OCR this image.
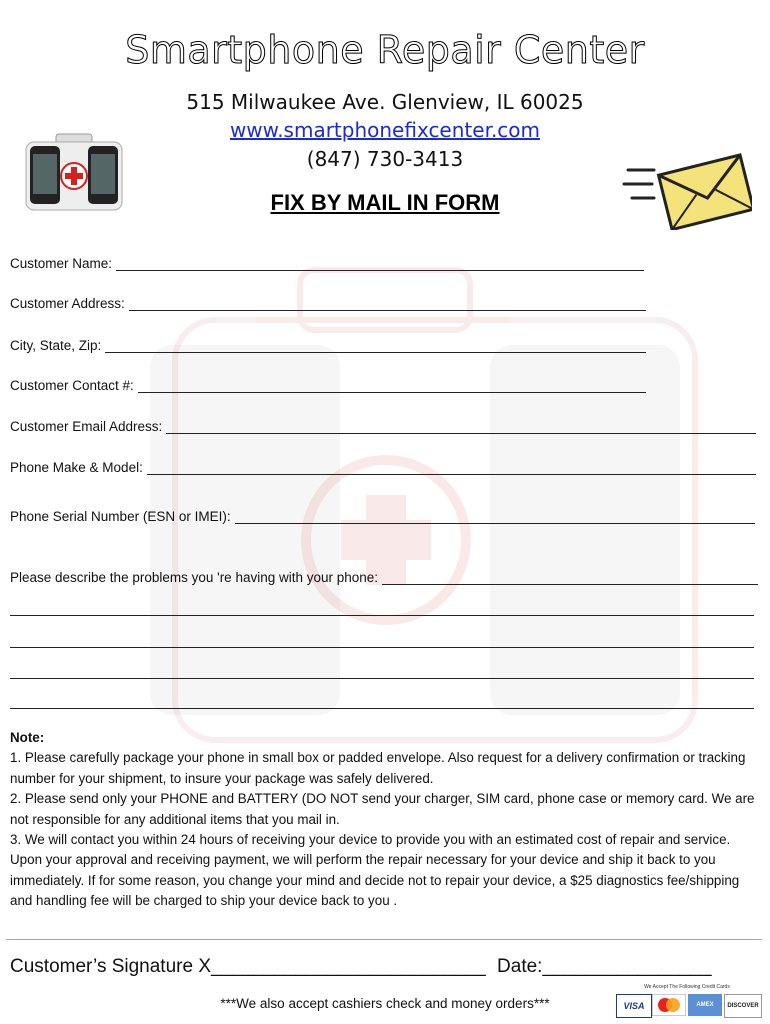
Smartphone Repair Center
515 Milwaukee Ave. Glenview, IL 60025
www.smartphonefixcenter.com
(847) 730-3413
FIX BY MAIL IN FORM
Customer Name:
Customer Address:
City, State, Zip:
Customer Contact #:
Customer Email Address:
Phone Make & Model:
Phone Serial Number (ESN or IMEI):
Please describe the problems you 're having with your phone:
Note:
1. Please carefully package your phone in small box or padded envelope. Also request for a delivery confirmation or tracking number for your shipment, to insure your package was safely delivered.
2. Please send only your PHONE and BATTERY (DO NOT send your charger, SIM card, phone case or memory card. We are not responsible for any additional items that you mail in.
3. We will contact you within 24 hours of receiving your device to provide you with an estimated cost of repair and service. Upon your approval and receiving payment, we will perform the repair necessary for your device and ship it back to you immediately. If for some reason, you change your mind and decide not to repair your device, a $25 diagnostics fee/shipping and handling fee will be charged to ship your device back to you .
Customer’s Signature X__________________________ Date:________________
***We also accept cashiers check and money orders***
We Accept The Following Credit Cards
VISA	AMEX	DISCOVER
